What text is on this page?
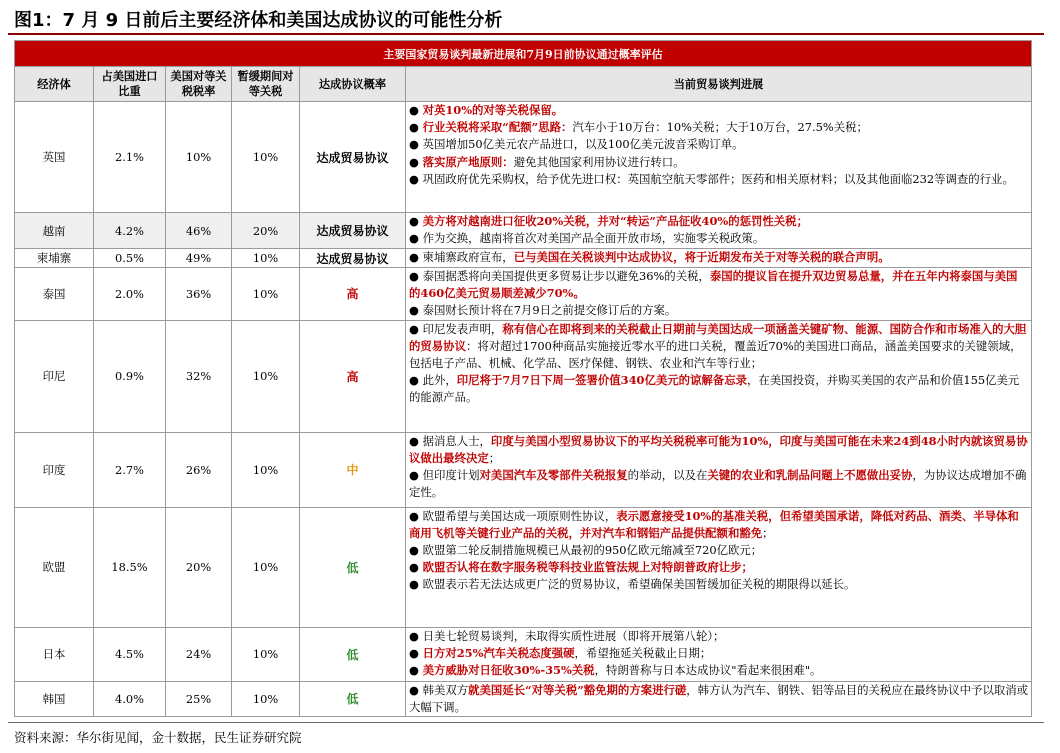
图1：7 月 9 日前后主要经济体和美国达成协议的可能性分析
主要国家贸易谈判最新进展和7月9日前协议通过概率评估					
经济体	占美国进口比重	美国对等关税税率	暂缓期间对等关税	达成协议概率	当前贸易谈判进展
英国	2.1%	10%	10%	达成贸易协议	● 对英10%的对等关税保留。
● 行业关税将采取“配额”思路：汽车小于10万台：10%关税；大于10万台，27.5%关税；
● 英国增加50亿美元农产品进口，以及100亿美元波音采购订单。
● 落实原产地原则：避免其他国家利用协议进行转口。
● 巩固政府优先采购权，给予优先进口权：英国航空航天零部件；医药和相关原材料；以及其他面临232等调查的行业。

越南	4.2%	46%	20%	达成贸易协议	● 美方将对越南进口征收20%关税，并对“转运”产品征收40%的惩罚性关税；
● 作为交换，越南将首次对美国产品全面开放市场，实施零关税政策。

柬埔寨	0.5%	49%	10%	达成贸易协议	● 柬埔寨政府宣布，已与美国在关税谈判中达成协议，将于近期发布关于对等关税的联合声明。

泰国	2.0%	36%	10%	高	● 泰国据悉将向美国提供更多贸易让步以避免36%的关税，泰国的提议旨在提升双边贸易总量，并在五年内将泰国与美国的460亿美元贸易顺差减少70%。
● 泰国财长预计将在7月9日之前提交修订后的方案。

印尼	0.9%	32%	10%	高	● 印尼发表声明，称有信心在即将到来的关税截止日期前与美国达成一项涵盖关键矿物、能源、国防合作和市场准入的大胆的贸易协议：将对超过1700种商品实施接近零水平的进口关税，覆盖近70%的美国进口商品，涵盖美国要求的关键领域，包括电子产品、机械、化学品、医疗保健、钢铁、农业和汽车等行业；
● 此外，印尼将于7月7日下周一签署价值340亿美元的谅解备忘录，在美国投资，并购买美国的农产品和价值155亿美元的能源产品。

印度	2.7%	26%	10%	中	● 据消息人士，印度与美国小型贸易协议下的平均关税税率可能为10%，印度与美国可能在未来24到48小时内就该贸易协议做出最终决定；
● 但印度计划对美国汽车及零部件关税报复的举动，以及在关键的农业和乳制品问题上不愿做出妥协，为协议达成增加不确定性。

欧盟	18.5%	20%	10%	低	● 欧盟希望与美国达成一项原则性协议，表示愿意接受10%的基准关税，但希望美国承诺，降低对药品、酒类、半导体和商用飞机等关键行业产品的关税，并对汽车和钢铝产品提供配额和豁免；
● 欧盟第二轮反制措施规模已从最初的950亿欧元缩减至720亿欧元；
● 欧盟否认将在数字服务税等科技业监管法规上对特朗普政府让步；
● 欧盟表示若无法达成更广泛的贸易协议，希望确保美国暂缓加征关税的期限得以延长。

日本	4.5%	24%	10%	低	● 日美七轮贸易谈判，未取得实质性进展（即将开展第八轮）；
● 日方对25%汽车关税态度强硬，希望拖延关税截止日期；
● 美方威胁对日征收30%-35%关税，特朗普称与日本达成协议"看起来很困难"。

韩国	4.0%	25%	10%	低	● 韩美双方就美国延长“对等关税”豁免期的方案进行磋，韩方认为汽车、钢铁、铝等品目的关税应在最终协议中予以取消或大幅下调。
资料来源：华尔街见闻，金十数据，民生证券研究院
